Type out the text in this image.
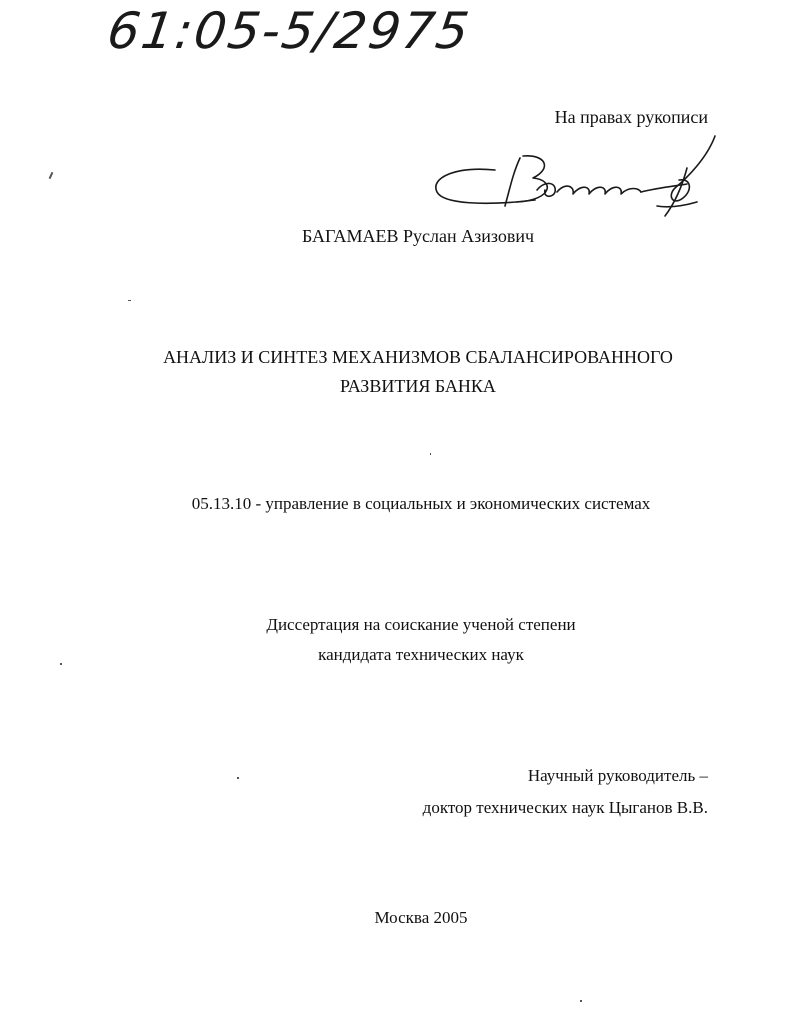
61:05-5/2975
На правах рукописи
БАГАМАЕВ Руслан Азизович
АНАЛИЗ И СИНТЕЗ МЕХАНИЗМОВ СБАЛАНСИРОВАННОГО
РАЗВИТИЯ БАНКА
05.13.10 - управление в социальных и экономических системах
Диссертация на соискание ученой степени
кандидата технических наук
Научный руководитель –
доктор технических наук Цыганов В.В.
Москва 2005
